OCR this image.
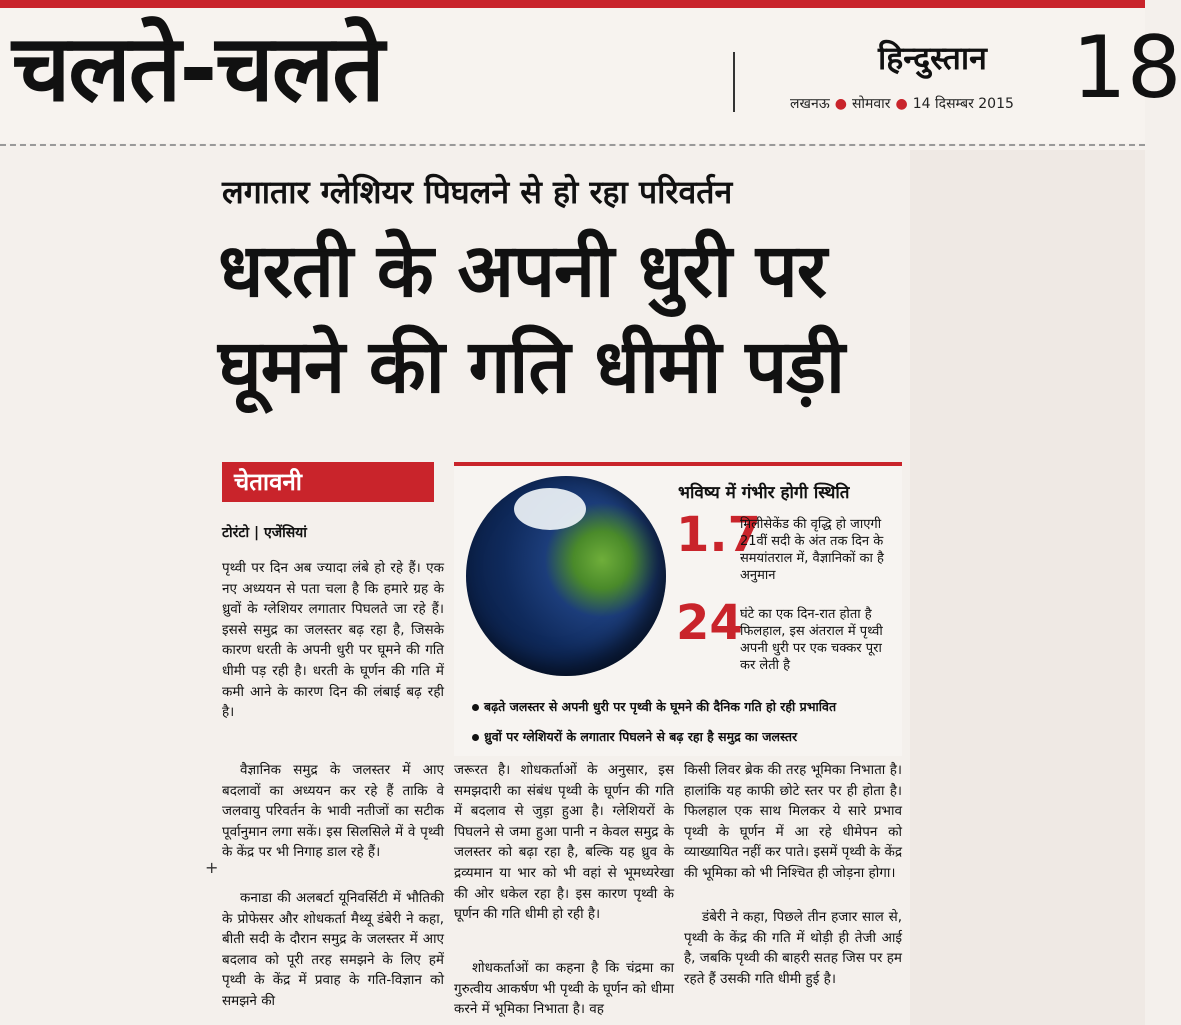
चलते-चलते	हिन्दुस्तान 18
लखनऊ ● सोमवार ● 14 दिसम्बर 2015
लगातार ग्लेशियर पिघलने से हो रहा परिवर्तन
धरती के अपनी धुरी पर घूमने की गति धीमी पड़ी
चेतावनी
टोरंटो | एजेंसियां

पृथ्वी पर दिन अब ज्यादा लंबे हो रहे हैं। एक नए अध्ययन से पता चला है कि हमारे ग्रह के ध्रुवों के ग्लेशियर लगातार पिघलते जा रहे हैं। इससे समुद्र का जलस्तर बढ़ रहा है, जिसके कारण धरती के अपनी धुरी पर घूमने की गति धीमी पड़ रही है। धरती के घूर्णन की गति में कमी आने के कारण दिन की लंबाई बढ़ रही है।

वैज्ञानिक समुद्र के जलस्तर में आए बदलावों का अध्ययन कर रहे हैं ताकि वे जलवायु परिवर्तन के भावी नतीजों का सटीक पूर्वानुमान लगा सकें। इस सिलसिले में वे पृथ्वी के केंद्र पर भी निगाह डाल रहे हैं।

कनाडा की अलबर्टा यूनिवर्सिटी में भौतिकी के प्रोफेसर और शोधकर्ता मैथ्यू डंबेरी ने कहा, बीती सदी के दौरान समुद्र के जलस्तर में आए बदलाव को पूरी तरह समझने के लिए हमें पृथ्वी के केंद्र में प्रवाह के गति-विज्ञान को समझने की

भविष्य में गंभीर होगी स्थिति
1.7
मिलीसेकेंड की वृद्धि हो जाएगी 21वीं सदी के अंत तक दिन के समयांतराल में, वैज्ञानिकों का है अनुमान
24
घंटे का एक दिन-रात होता है फिलहाल, इस अंतराल में पृथ्वी अपनी धुरी पर एक चक्कर पूरा कर लेती है
बढ़ते जलस्तर से अपनी धुरी पर पृथ्वी के घूमने की दैनिक गति हो रही प्रभावित
ध्रुवों पर ग्लेशियरों के लगातार पिघलने से बढ़ रहा है समुद्र का जलस्तर

जरूरत है। शोधकर्ताओं के अनुसार, इस समझदारी का संबंध पृथ्वी के घूर्णन की गति में बदलाव से जुड़ा हुआ है। ग्लेशियरों के पिघलने से जमा हुआ पानी न केवल समुद्र के जलस्तर को बढ़ा रहा है, बल्कि यह ध्रुव के द्रव्यमान या भार को भी वहां से भूमध्यरेखा की ओर धकेल रहा है। इस कारण पृथ्वी के घूर्णन की गति धीमी हो रही है।

शोधकर्ताओं का कहना है कि चंद्रमा का गुरुत्वीय आकर्षण भी पृथ्वी के घूर्णन को धीमा करने में भूमिका निभाता है। वह

किसी लिवर ब्रेक की तरह भूमिका निभाता है। हालांकि यह काफी छोटे स्तर पर ही होता है। फिलहाल एक साथ मिलकर ये सारे प्रभाव पृथ्वी के घूर्णन में आ रहे धीमेपन को व्याख्यायित नहीं कर पाते। इसमें पृथ्वी के केंद्र की भूमिका को भी निश्चित ही जोड़ना होगा।

डंबेरी ने कहा, पिछले तीन हजार साल से, पृथ्वी के केंद्र की गति में थोड़ी ही तेजी आई है, जबकि पृथ्वी की बाहरी सतह जिस पर हम रहते हैं उसकी गति धीमी हुई है।

+
